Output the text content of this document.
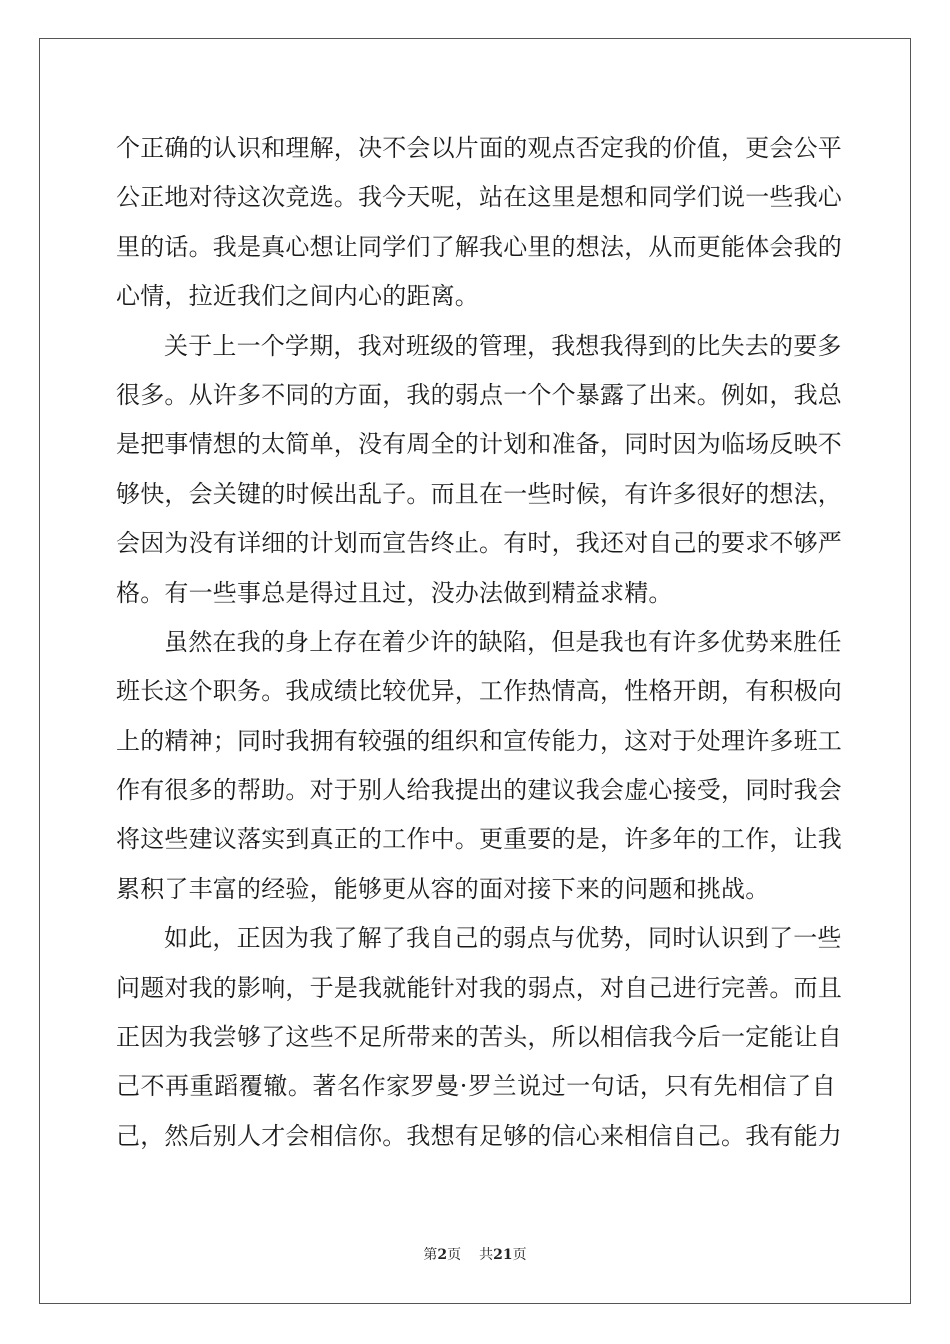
个正确的认识和理解，决不会以片面的观点否定我的价值，更会公平
公正地对待这次竞选。我今天呢，站在这里是想和同学们说一些我心
里的话。我是真心想让同学们了解我心里的想法，从而更能体会我的
心情，拉近我们之间内心的距离。
关于上一个学期，我对班级的管理，我想我得到的比失去的要多
很多。从许多不同的方面，我的弱点一个个暴露了出来。例如，我总
是把事情想的太简单，没有周全的计划和准备，同时因为临场反映不
够快，会关键的时候出乱子。而且在一些时候，有许多很好的想法，
会因为没有详细的计划而宣告终止。有时，我还对自己的要求不够严
格。有一些事总是得过且过，没办法做到精益求精。
虽然在我的身上存在着少许的缺陷，但是我也有许多优势来胜任
班长这个职务。我成绩比较优异，工作热情高，性格开朗，有积极向
上的精神；同时我拥有较强的组织和宣传能力，这对于处理许多班工
作有很多的帮助。对于别人给我提出的建议我会虚心接受，同时我会
将这些建议落实到真正的工作中。更重要的是，许多年的工作，让我
累积了丰富的经验，能够更从容的面对接下来的问题和挑战。
如此，正因为我了解了我自己的弱点与优势，同时认识到了一些
问题对我的影响，于是我就能针对我的弱点，对自己进行完善。而且
正因为我尝够了这些不足所带来的苦头，所以相信我今后一定能让自
己不再重蹈覆辙。著名作家罗曼·罗兰说过一句话，只有先相信了自
己，然后别人才会相信你。我想有足够的信心来相信自己。我有能力
第2页 共21页
